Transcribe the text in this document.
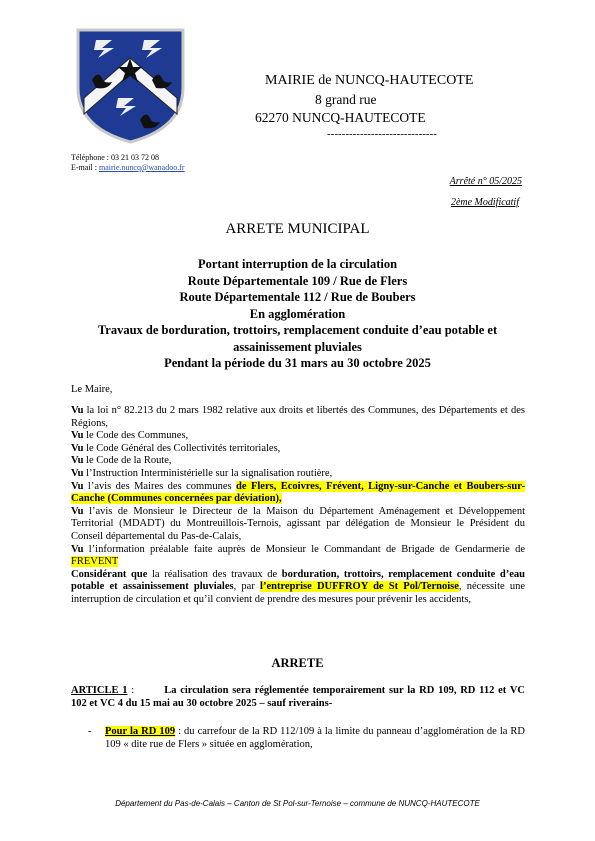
MAIRIE de NUNCQ-HAUTECOTE
8 grand rue
62270 NUNCQ-HAUTECOTE
------------------------------
Téléphone : 03 21 03 72 08
E-mail : mairie.nuncq@wanadoo.fr
Arrêté n° 05/2025
2ème Modificatif
ARRETE MUNICIPAL
Portant interruption de la circulation
Route Départementale 109 / Rue de Flers
Route Départementale 112 / Rue de Boubers
En agglomération
Travaux de borduration, trottoirs, remplacement conduite d’eau potable et assainissement pluviales
Pendant la période du 31 mars au 30 octobre 2025
Le Maire,

Vu la loi n° 82.213 du 2 mars 1982 relative aux droits et libertés des Communes, des Départements et des Régions,

Vu le Code des Communes,

Vu le Code Général des Collectivités territoriales,

Vu le Code de la Route,

Vu l’Instruction Interministérielle sur la signalisation routière,

Vu l’avis des Maires des communes de Flers, Ecoivres, Frévent, Ligny-sur-Canche et Boubers-sur-Canche (Communes concernées par déviation),

Vu l’avis de Monsieur le Directeur de la Maison du Département Aménagement et Développement Territorial (MDADT) du Montreuillois-Ternois, agissant par délégation de Monsieur le Président du Conseil départemental du Pas-de-Calais,

Vu l’information préalable faite auprès de Monsieur le Commandant de Brigade de Gendarmerie de FREVENT

Considérant que la réalisation des travaux de borduration, trottoirs, remplacement conduite d’eau potable et assainissement pluviales, par l’entreprise DUFFROY de St Pol/Ternoise, nécessite une interruption de circulation et qu’il convient de prendre des mesures pour prévenir les accidents,

ARRETE
ARTICLE 1 :	La circulation sera réglementée temporairement sur la RD 109, RD 112 et VC 102 et VC 4 du 15 mai au 30 octobre 2025 – sauf riverains-
- Pour la RD 109 : du carrefour de la RD 112/109 à la limite du panneau d’agglomération de la RD 109 « dite rue de Flers » située en agglomération,
Département du Pas-de-Calais – Canton de St Pol-sur-Ternoise – commune de NUNCQ-HAUTECOTE
